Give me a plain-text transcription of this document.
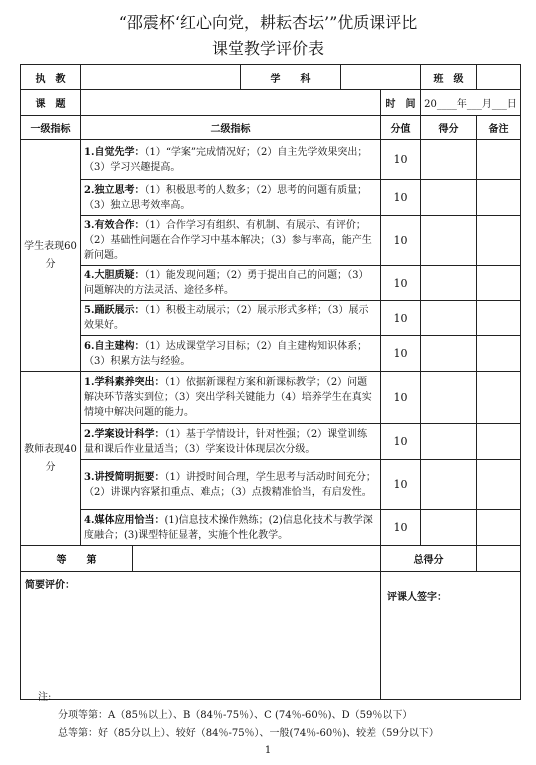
“邵震杯‘红心向党，耕耘杏坛’”优质课评比
课堂教学评价表
执　教			学　　科			班　级	
课　题					时　间	20____年___月___日	
一级指标	二级指标				分值	得分	备注
学生表现60分	1.自觉先学：（1）“学案”完成情况好；（2）自主先学效果突出；（3）学习兴趣提高。				10		
	2.独立思考：（1）积极思考的人数多；（2）思考的问题有质量；（3）独立思考效率高。				10		
	3.有效合作：（1）合作学习有组织、有机制、有展示、有评价；（2）基础性问题在合作学习中基本解决；（3）参与率高，能产生新问题。				10		
	4.大胆质疑：（1）能发现问题；（2）勇于提出自己的问题；（3）问题解决的方法灵活、途径多样。				10		
	5.踊跃展示：（1）积极主动展示；（2）展示形式多样；（3）展示效果好。				10		
	6.自主建构：（1）达成课堂学习目标；（2）自主建构知识体系；（3）积累方法与经验。				10		
教师表现40分	1.学科素养突出：（1）依据新课程方案和新课标教学；（2）问题解决环节落实到位；（3）突出学科关键能力（4）培养学生在真实情境中解决问题的能力。				10		
	2.学案设计科学：（1）基于学情设计，针对性强；（2）课堂训练量和课后作业量适当；（3）学案设计体现层次分级。				10		
	3.讲授简明扼要：（1）讲授时间合理，学生思考与活动时间充分；（2）讲课内容紧扣重点、难点；（3）点拨精准恰当，有启发性。				10		
	4.媒体应用恰当：(1)信息技术操作熟练；(2)信息化技术与教学深度融合；(3)课型特征显著，实施个性化教学。				10		
等　　第					总得分		
简要评价：					评课人签字：		
注:
分项等第：A（85％以上）、B（84％-75％）、C (74％-60％)、D（59％以下）
总等第：好（85分以上）、较好（84％-75％）、一般(74％-60％)、较差（59分以下）
1
